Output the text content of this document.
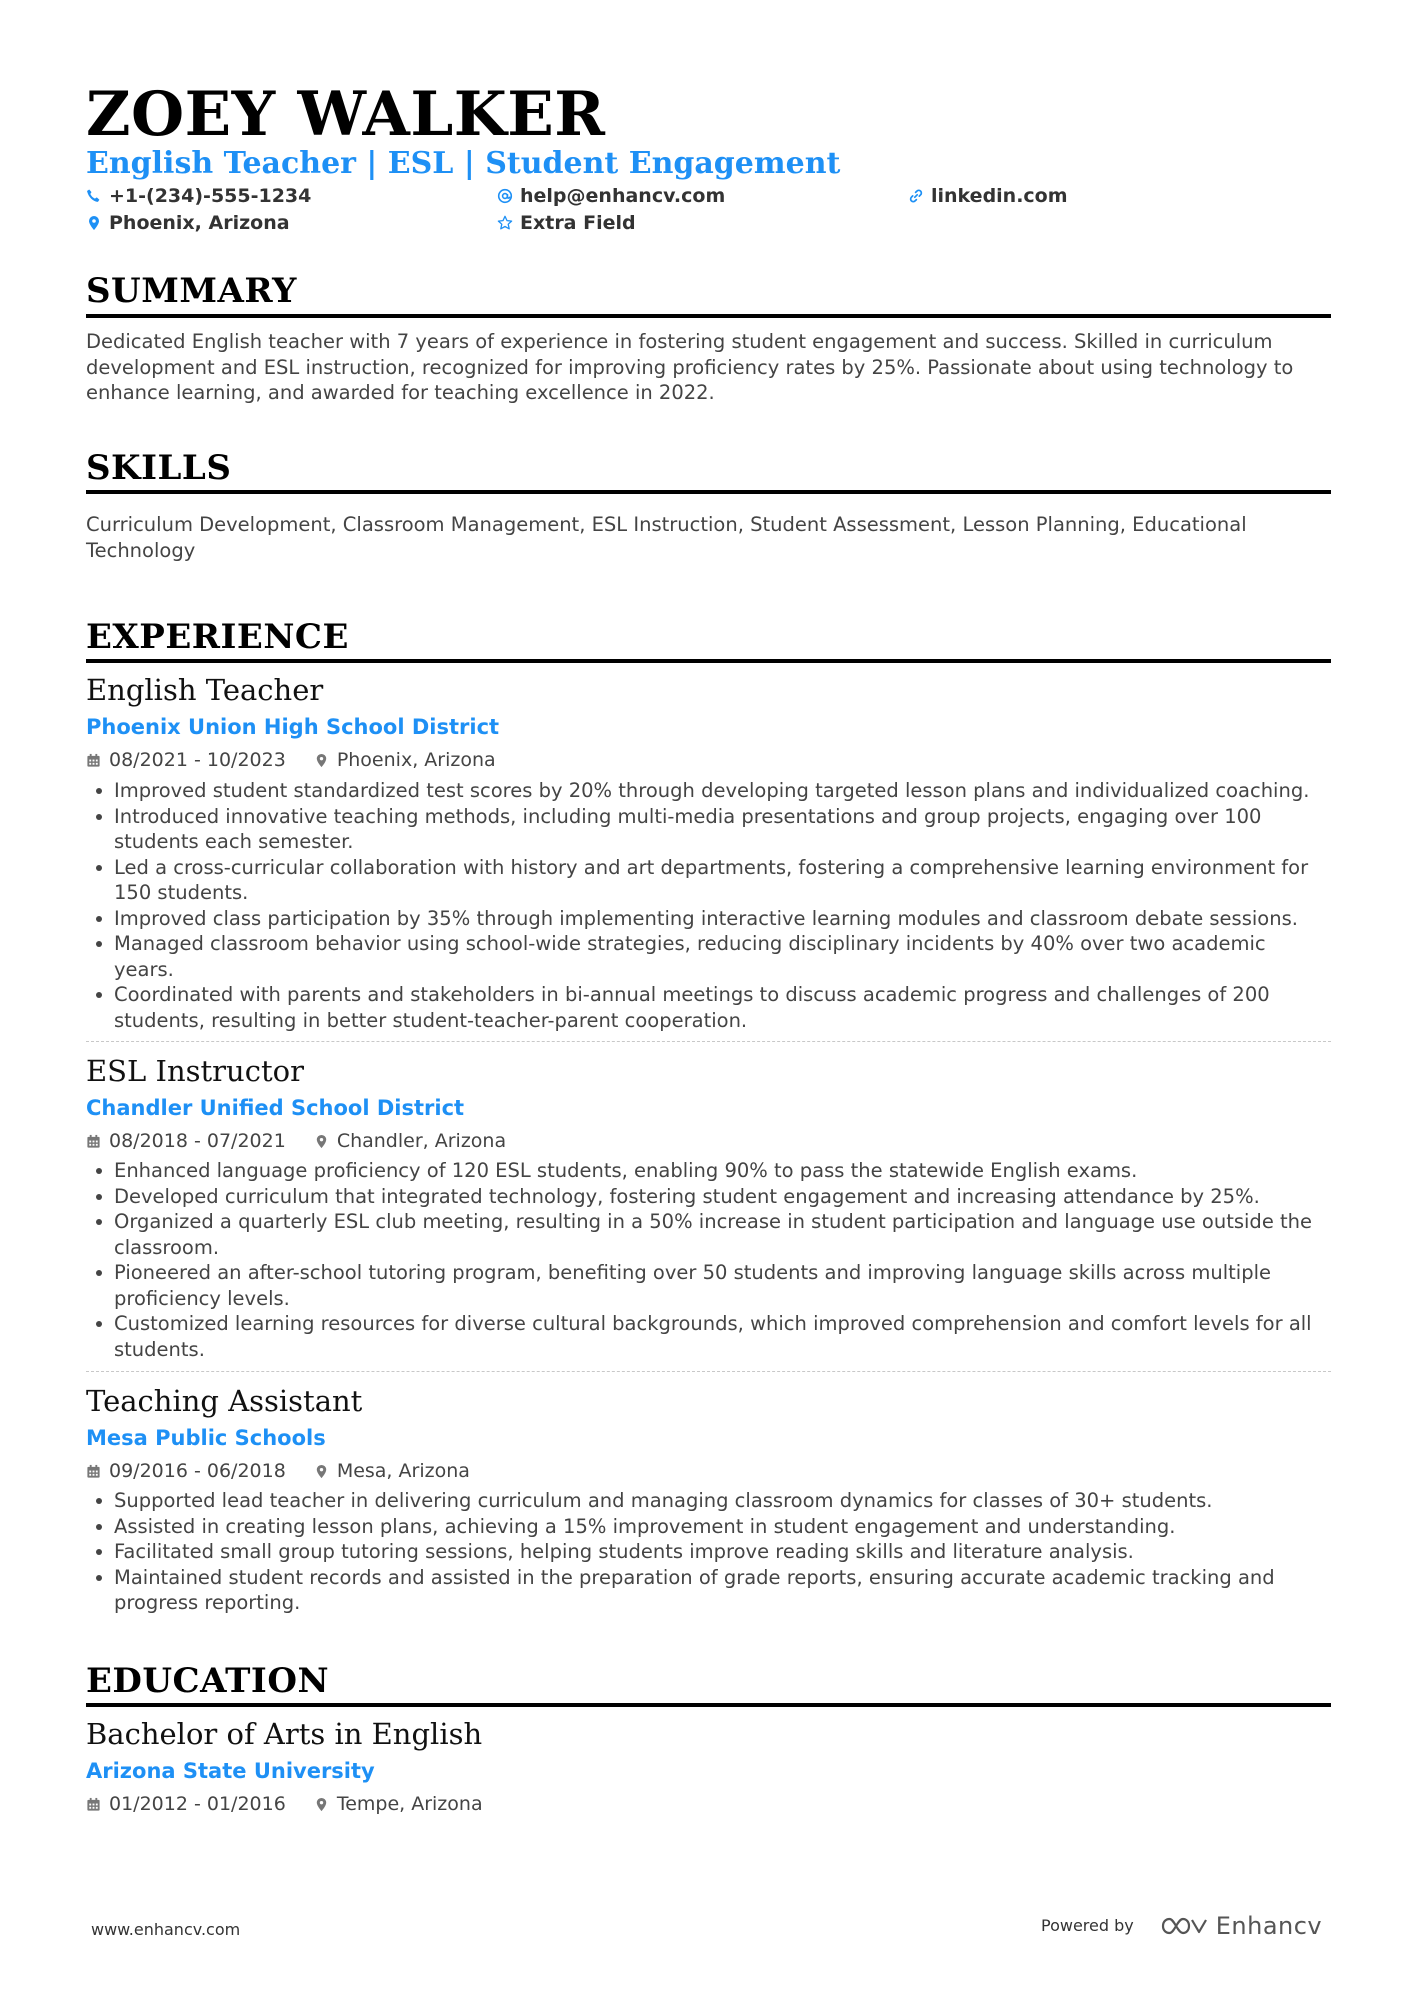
ZOEY WALKER
English Teacher | ESL | Student Engagement
+1-(234)-555-1234	help@enhancv.com	linkedin.com
Phoenix, Arizona	Extra Field
SUMMARY
Dedicated English teacher with 7 years of experience in fostering student engagement and success. Skilled in curriculum development and ESL instruction, recognized for improving proficiency rates by 25%. Passionate about using technology to enhance learning, and awarded for teaching excellence in 2022.
SKILLS
Curriculum Development, Classroom Management, ESL Instruction, Student Assessment, Lesson Planning, Educational Technology
EXPERIENCE
English Teacher
Phoenix Union High School District
08/2021 - 10/2023	Phoenix, Arizona
Improved student standardized test scores by 20% through developing targeted lesson plans and individualized coaching.
Introduced innovative teaching methods, including multi-media presentations and group projects, engaging over 100 students each semester.
Led a cross-curricular collaboration with history and art departments, fostering a comprehensive learning environment for 150 students.
Improved class participation by 35% through implementing interactive learning modules and classroom debate sessions.
Managed classroom behavior using school-wide strategies, reducing disciplinary incidents by 40% over two academic years.
Coordinated with parents and stakeholders in bi-annual meetings to discuss academic progress and challenges of 200 students, resulting in better student-teacher-parent cooperation.
ESL Instructor
Chandler Unified School District
08/2018 - 07/2021	Chandler, Arizona
Enhanced language proficiency of 120 ESL students, enabling 90% to pass the statewide English exams.
Developed curriculum that integrated technology, fostering student engagement and increasing attendance by 25%.
Organized a quarterly ESL club meeting, resulting in a 50% increase in student participation and language use outside the classroom.
Pioneered an after-school tutoring program, benefiting over 50 students and improving language skills across multiple proficiency levels.
Customized learning resources for diverse cultural backgrounds, which improved comprehension and comfort levels for all students.
Teaching Assistant
Mesa Public Schools
09/2016 - 06/2018	Mesa, Arizona
Supported lead teacher in delivering curriculum and managing classroom dynamics for classes of 30+ students.
Assisted in creating lesson plans, achieving a 15% improvement in student engagement and understanding.
Facilitated small group tutoring sessions, helping students improve reading skills and literature analysis.
Maintained student records and assisted in the preparation of grade reports, ensuring accurate academic tracking and progress reporting.
EDUCATION
Bachelor of Arts in English
Arizona State University
01/2012 - 01/2016	Tempe, Arizona
www.enhancv.com	Powered by	Enhancv
